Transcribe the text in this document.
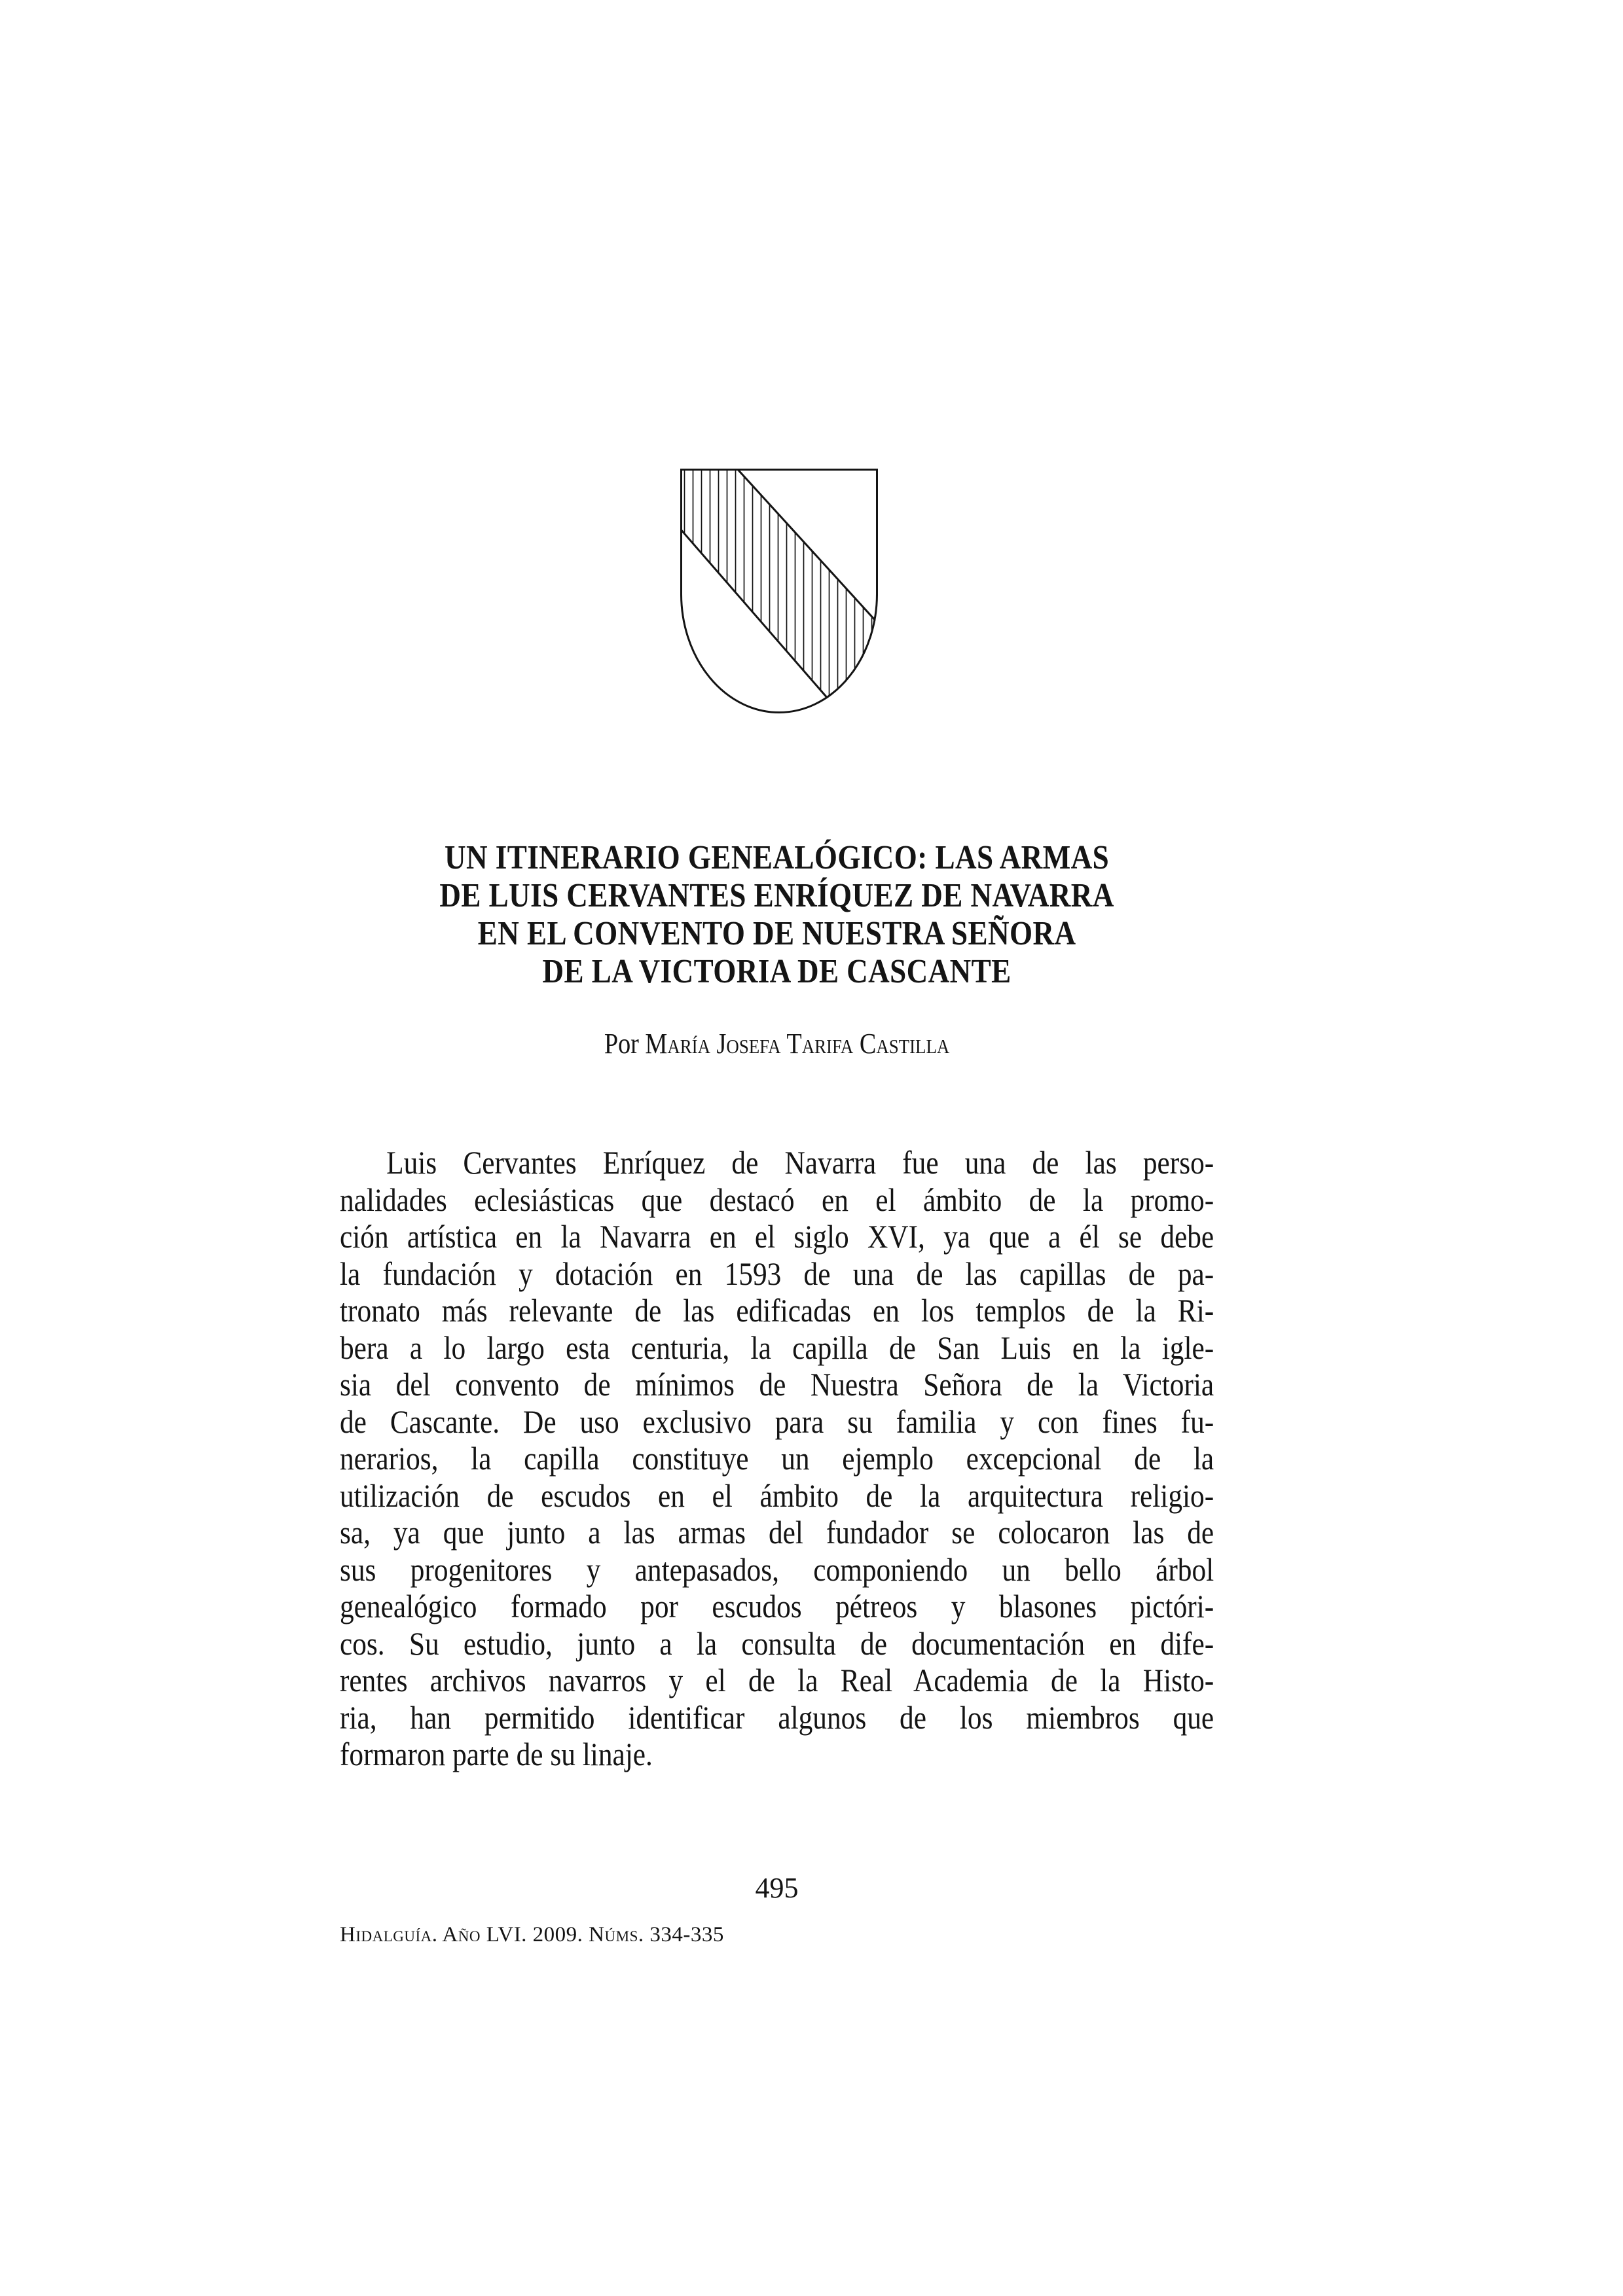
UN ITINERARIO GENEALÓGICO: LAS ARMAS
DE LUIS CERVANTES ENRÍQUEZ DE NAVARRA
EN EL CONVENTO DE NUESTRA SEÑORA
DE LA VICTORIA DE CASCANTE
Por María Josefa Tarifa Castilla
Luis Cervantes Enríquez de Navarra fue una de las perso-
nalidades eclesiásticas que destacó en el ámbito de la promo-
ción artística en la Navarra en el siglo XVI, ya que a él se debe
la fundación y dotación en 1593 de una de las capillas de pa-
tronato más relevante de las edificadas en los templos de la Ri-
bera a lo largo esta centuria, la capilla de San Luis en la igle-
sia del convento de mínimos de Nuestra Señora de la Victoria
de Cascante. De uso exclusivo para su familia y con fines fu-
nerarios, la capilla constituye un ejemplo excepcional de la
utilización de escudos en el ámbito de la arquitectura religio-
sa, ya que junto a las armas del fundador se colocaron las de
sus progenitores y antepasados, componiendo un bello árbol
genealógico formado por escudos pétreos y blasones pictóri-
cos. Su estudio, junto a la consulta de documentación en dife-
rentes archivos navarros y el de la Real Academia de la Histo-
ria, han permitido identificar algunos de los miembros que
formaron parte de su linaje.
495
Hidalguía. Año LVI. 2009. Núms. 334-335
